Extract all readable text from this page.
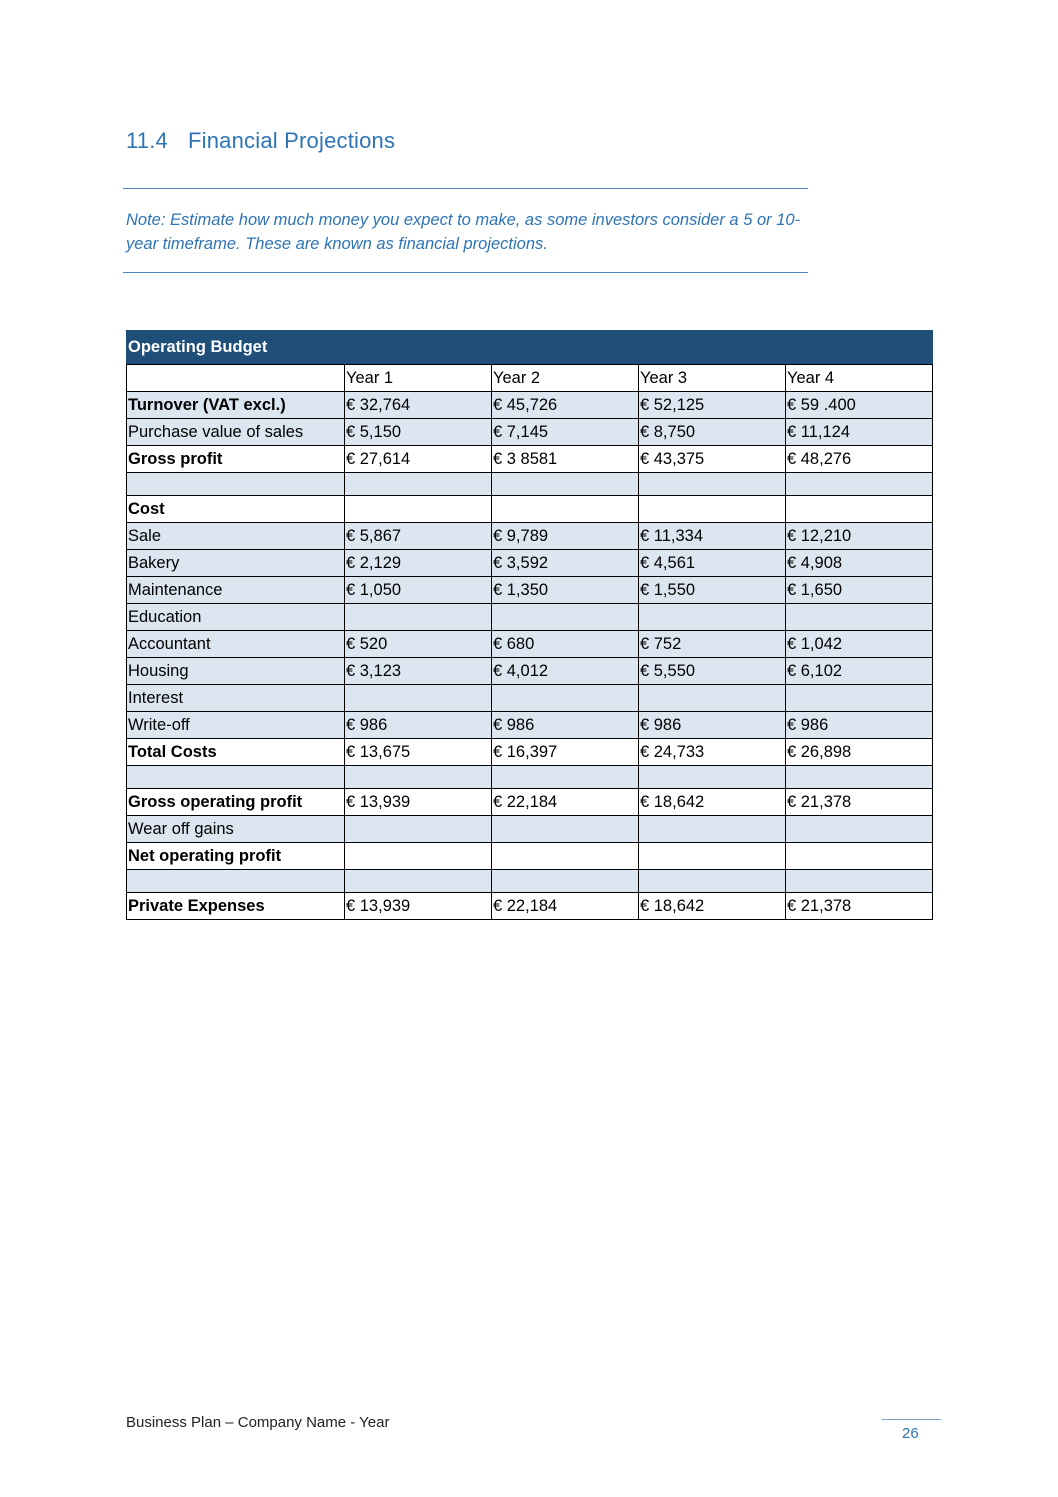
11.4 Financial Projections
Note: Estimate how much money you expect to make, as some investors consider a 5 or 10-year timeframe. These are known as financial projections.
Operating Budget				
	Year 1	Year 2	Year 3	Year 4
Turnover (VAT excl.)	€ 32,764	€ 45,726	€ 52,125	€ 59 .400
Purchase value of sales	€ 5,150	€ 7,145	€ 8,750	€ 11,124
Gross profit	€ 27,614	€ 3 8581	€ 43,375	€ 48,276

Cost				
Sale	€ 5,867	€ 9,789	€ 11,334	€ 12,210
Bakery	€ 2,129	€ 3,592	€ 4,561	€ 4,908
Maintenance	€ 1,050	€ 1,350	€ 1,550	€ 1,650
Education				
Accountant	€ 520	€ 680	€ 752	€ 1,042
Housing	€ 3,123	€ 4,012	€ 5,550	€ 6,102
Interest				
Write-off	€ 986	€ 986	€ 986	€ 986
Total Costs	€ 13,675	€ 16,397	€ 24,733	€ 26,898

Gross operating profit	€ 13,939	€ 22,184	€ 18,642	€ 21,378
Wear off gains				
Net operating profit				

Private Expenses	€ 13,939	€ 22,184	€ 18,642	€ 21,378
Business Plan – Company Name - Year
26
